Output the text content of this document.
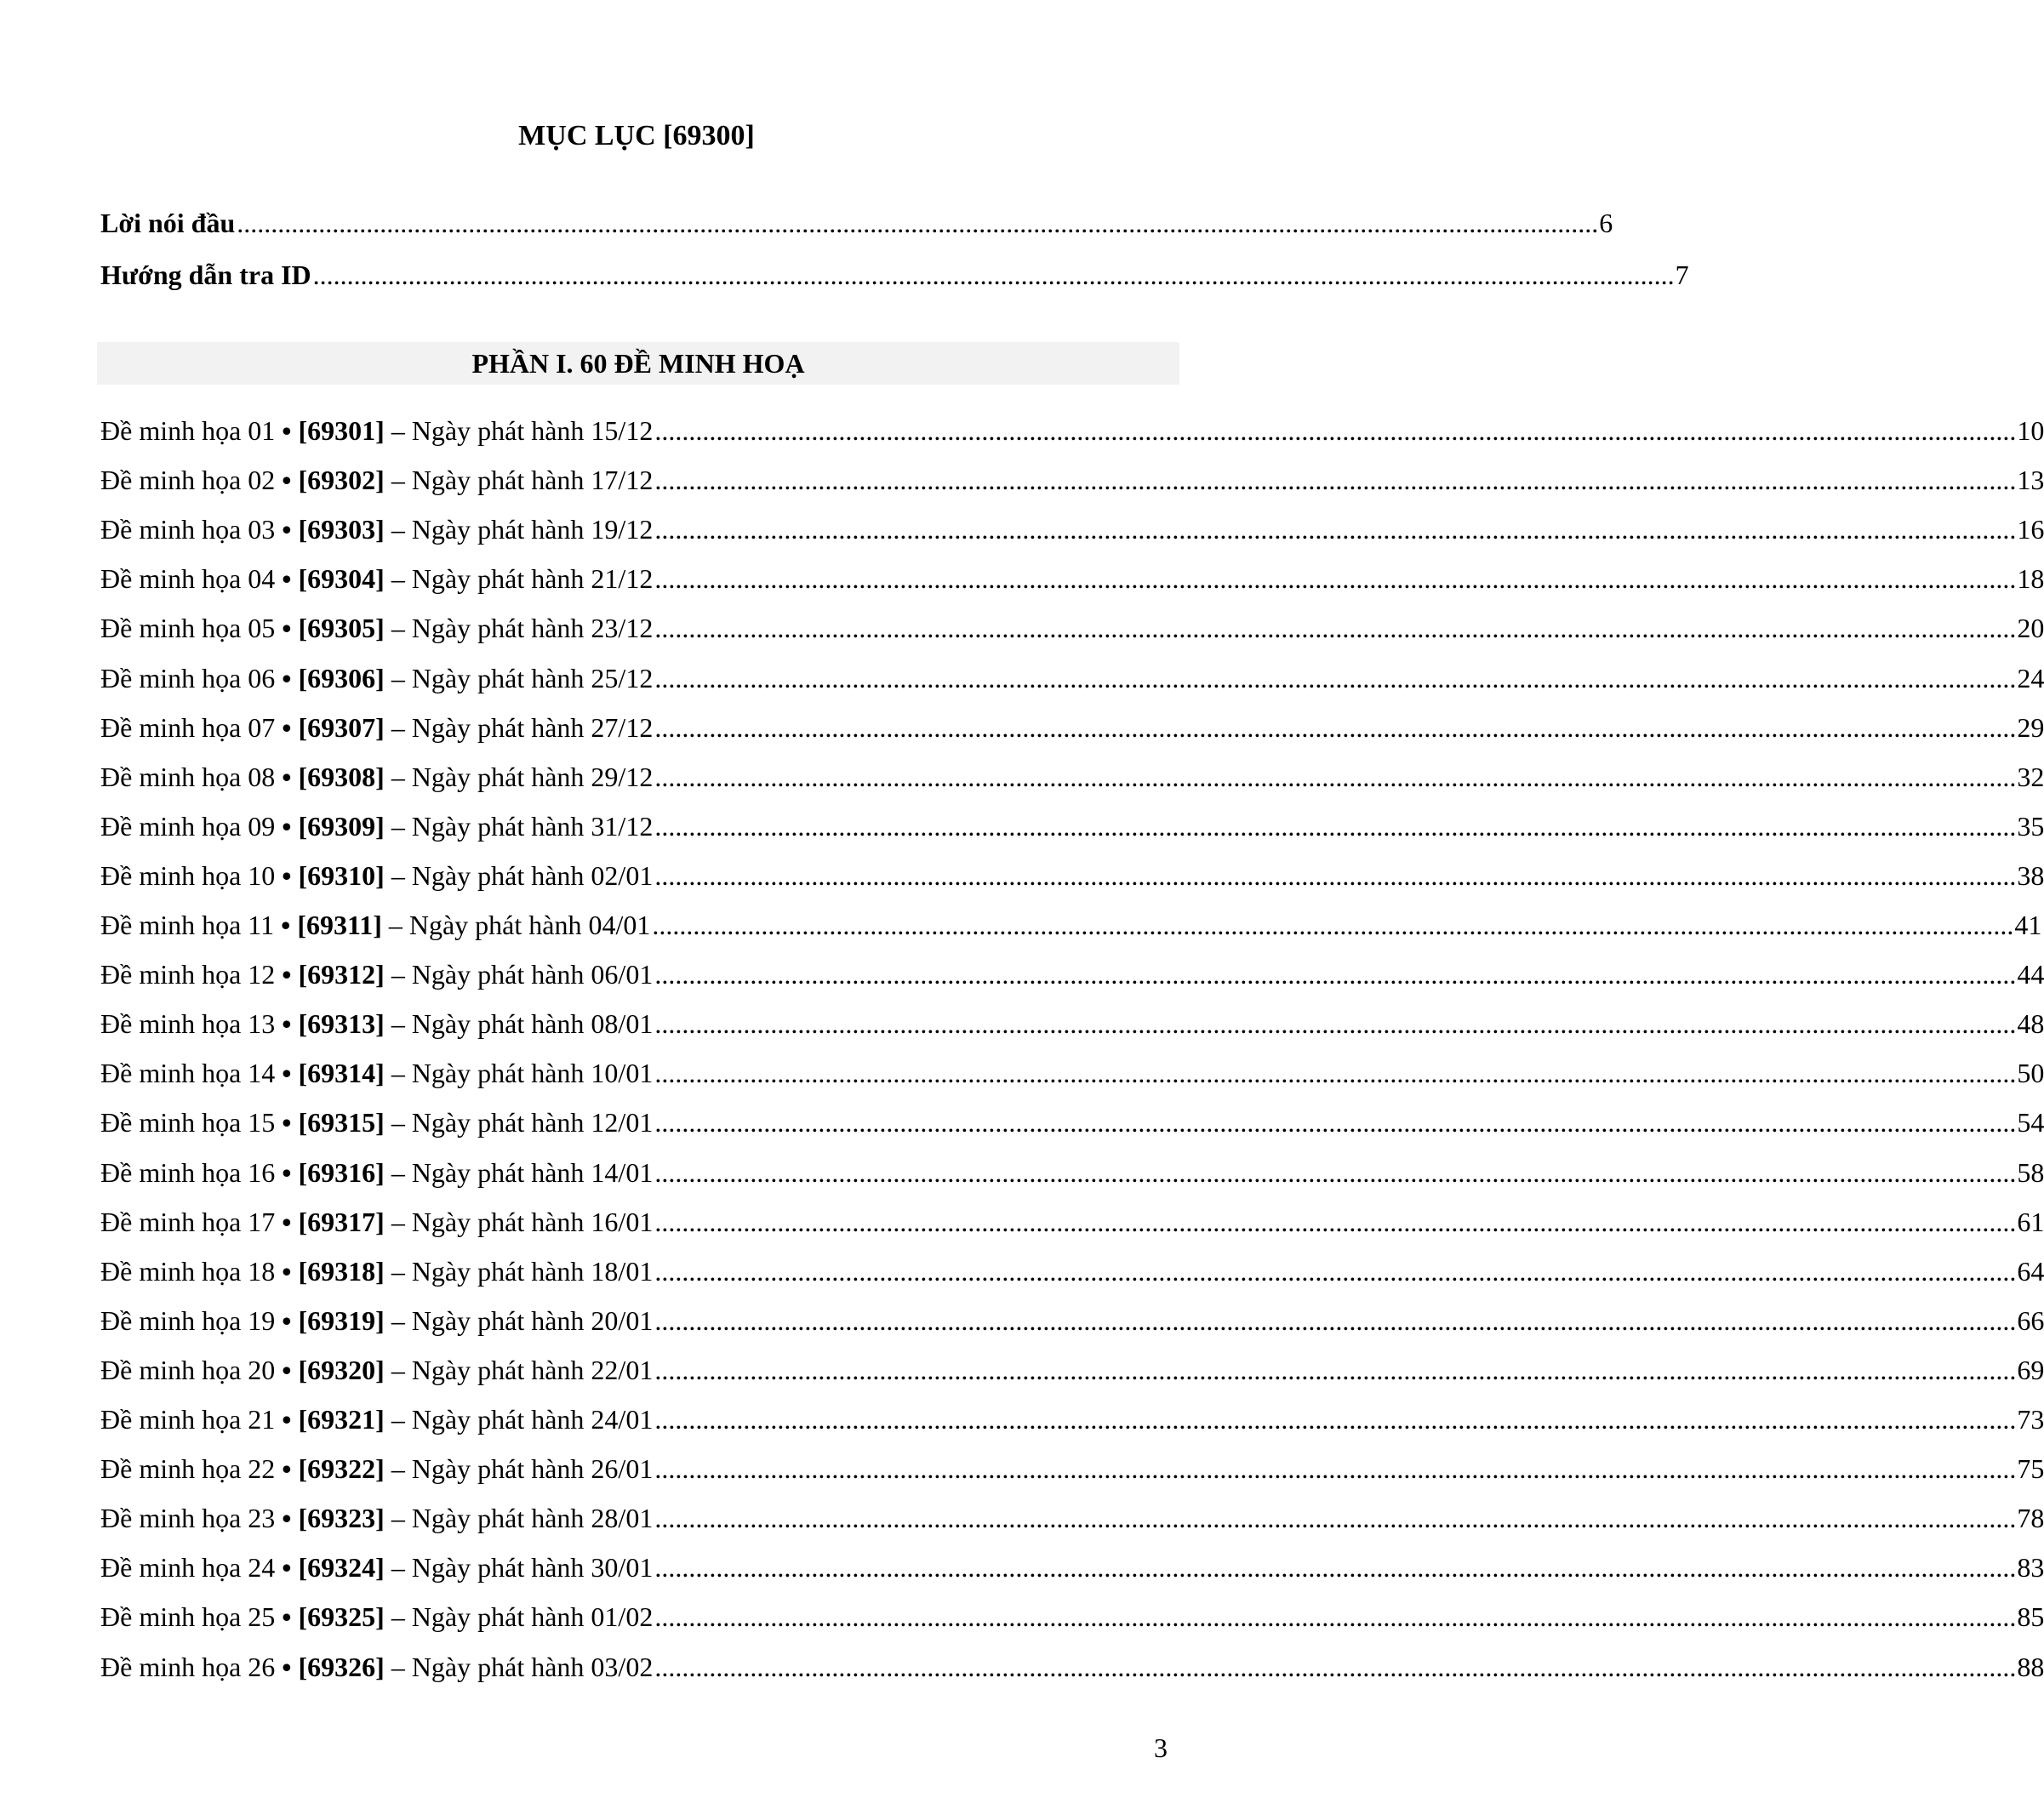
MỤC LỤC [69300]
Lời nói đầu ........................................................................................................................................................................................................ 6
Hướng dẫn tra ID ........................................................................................................................................................................................................ 7
PHẦN I. 60 ĐỀ MINH HOẠ
Đề minh họa 01 • [69301] – Ngày phát hành 15/12 ........................................................................................................................................................................................................ 10
Đề minh họa 02 • [69302] – Ngày phát hành 17/12 ........................................................................................................................................................................................................ 13
Đề minh họa 03 • [69303] – Ngày phát hành 19/12 ........................................................................................................................................................................................................ 16
Đề minh họa 04 • [69304] – Ngày phát hành 21/12 ........................................................................................................................................................................................................ 18
Đề minh họa 05 • [69305] – Ngày phát hành 23/12 ........................................................................................................................................................................................................ 20
Đề minh họa 06 • [69306] – Ngày phát hành 25/12 ........................................................................................................................................................................................................ 24
Đề minh họa 07 • [69307] – Ngày phát hành 27/12 ........................................................................................................................................................................................................ 29
Đề minh họa 08 • [69308] – Ngày phát hành 29/12 ........................................................................................................................................................................................................ 32
Đề minh họa 09 • [69309] – Ngày phát hành 31/12 ........................................................................................................................................................................................................ 35
Đề minh họa 10 • [69310] – Ngày phát hành 02/01 ........................................................................................................................................................................................................ 38
Đề minh họa 11 • [69311] – Ngày phát hành 04/01 ........................................................................................................................................................................................................ 41
Đề minh họa 12 • [69312] – Ngày phát hành 06/01 ........................................................................................................................................................................................................ 44
Đề minh họa 13 • [69313] – Ngày phát hành 08/01 ........................................................................................................................................................................................................ 48
Đề minh họa 14 • [69314] – Ngày phát hành 10/01 ........................................................................................................................................................................................................ 50
Đề minh họa 15 • [69315] – Ngày phát hành 12/01 ........................................................................................................................................................................................................ 54
Đề minh họa 16 • [69316] – Ngày phát hành 14/01 ........................................................................................................................................................................................................ 58
Đề minh họa 17 • [69317] – Ngày phát hành 16/01 ........................................................................................................................................................................................................ 61
Đề minh họa 18 • [69318] – Ngày phát hành 18/01 ........................................................................................................................................................................................................ 64
Đề minh họa 19 • [69319] – Ngày phát hành 20/01 ........................................................................................................................................................................................................ 66
Đề minh họa 20 • [69320] – Ngày phát hành 22/01 ........................................................................................................................................................................................................ 69
Đề minh họa 21 • [69321] – Ngày phát hành 24/01 ........................................................................................................................................................................................................ 73
Đề minh họa 22 • [69322] – Ngày phát hành 26/01 ........................................................................................................................................................................................................ 75
Đề minh họa 23 • [69323] – Ngày phát hành 28/01 ........................................................................................................................................................................................................ 78
Đề minh họa 24 • [69324] – Ngày phát hành 30/01 ........................................................................................................................................................................................................ 83
Đề minh họa 25 • [69325] – Ngày phát hành 01/02 ........................................................................................................................................................................................................ 85
Đề minh họa 26 • [69326] – Ngày phát hành 03/02 ........................................................................................................................................................................................................ 88
3
